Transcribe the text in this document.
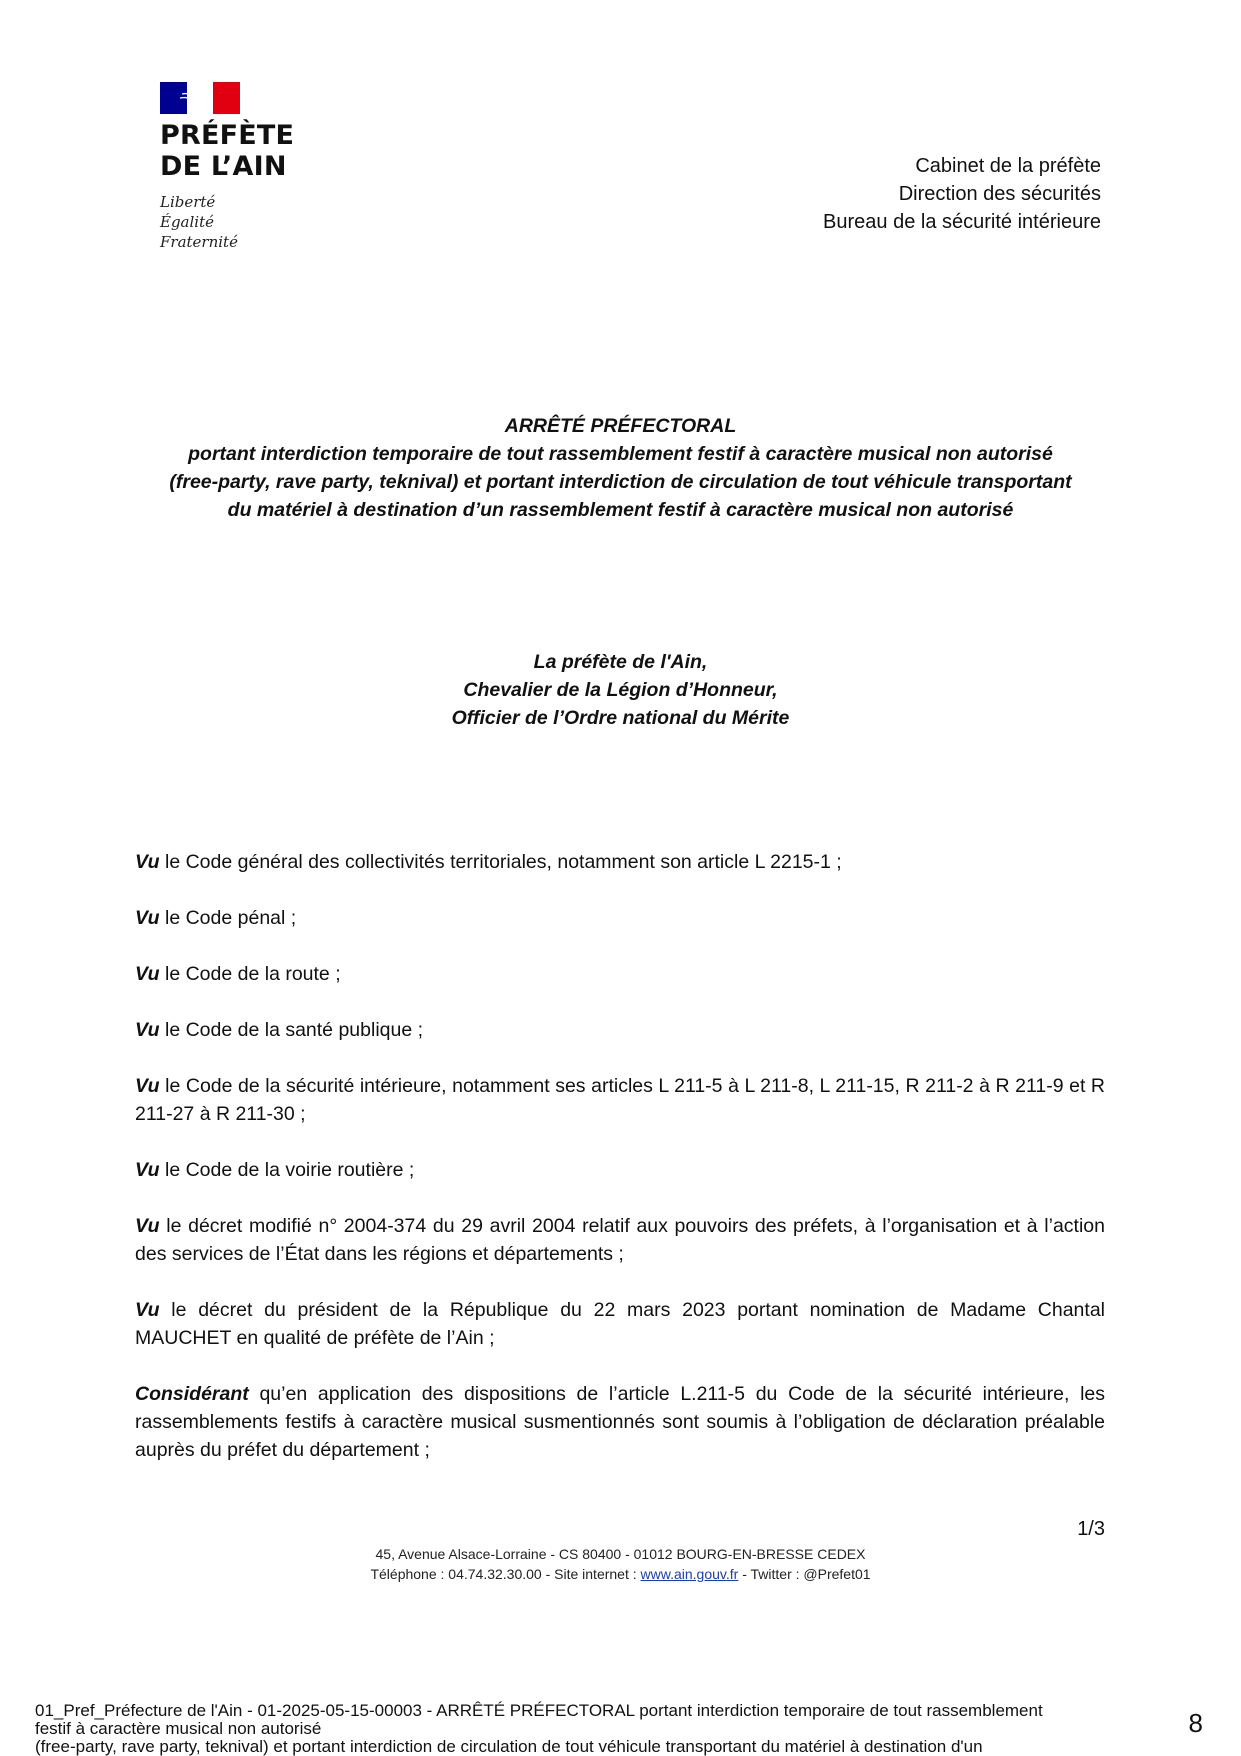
PRÉFÈTE
DE L’AIN
Liberté
Égalité
Fraternité
Cabinet de la préfète
Direction des sécurités
Bureau de la sécurité intérieure
ARRÊTÉ PRÉFECTORAL
portant interdiction temporaire de tout rassemblement festif à caractère musical non autorisé
(free-party, rave party, teknival) et portant interdiction de circulation de tout véhicule transportant
du matériel à destination d’un rassemblement festif à caractère musical non autorisé
La préfète de l'Ain,
Chevalier de la Légion d’Honneur,
Officier de l’Ordre national du Mérite

Vu le Code général des collectivités territoriales, notamment son article L 2215-1 ;

Vu le Code pénal ;

Vu le Code de la route ;

Vu le Code de la santé publique ;

Vu le Code de la sécurité intérieure, notamment ses articles L 211-5 à L 211-8, L 211-15, R 211-2 à R 211-9 et R 211-27 à R 211-30 ;

Vu le Code de la voirie routière ;

Vu le décret modifié n° 2004-374 du 29 avril 2004 relatif aux pouvoirs des préfets, à l’organisation et à l’action des services de l’État dans les régions et départements ;

Vu le décret du président de la République du 22 mars 2023 portant nomination de Madame Chantal MAUCHET en qualité de préfète de l’Ain ;

Considérant qu’en application des dispositions de l’article L.211-5 du Code de la sécurité intérieure, les rassemblements festifs à caractère musical susmentionnés sont soumis à l’obligation de déclaration préalable auprès du préfet du département ;

1/3
45, Avenue Alsace-Lorraine - CS 80400 - 01012 BOURG-EN-BRESSE CEDEX
Téléphone : 04.74.32.30.00 - Site internet : www.ain.gouv.fr - Twitter : @Prefet01
01_Pref_Préfecture de l'Ain - 01-2025-05-15-00003 - ARRÊTÉ PRÉFECTORAL portant interdiction temporaire de tout rassemblement
festif à caractère musical non autorisé
(free-party, rave party, teknival) et portant interdiction de circulation de tout véhicule transportant du matériel à destination d'un
8
